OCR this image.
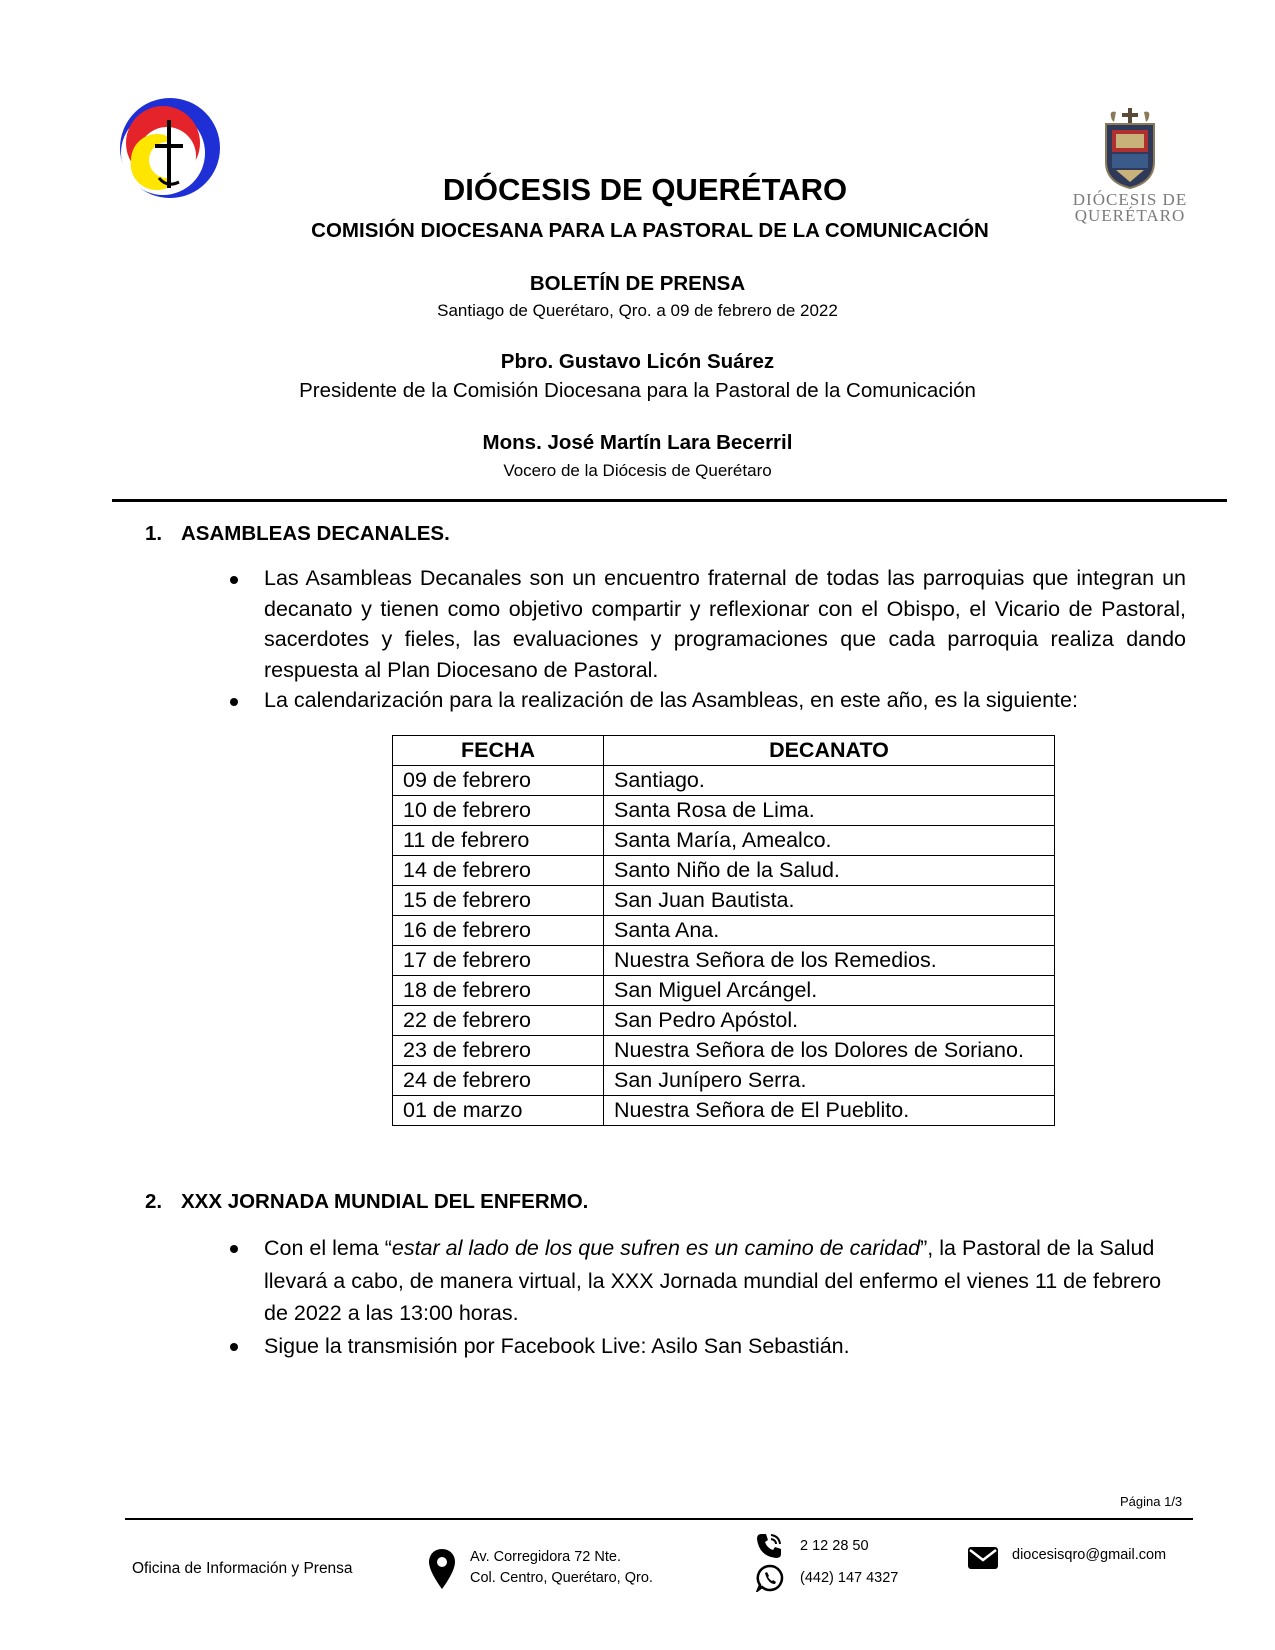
DIÓCESIS DE
QUERÉTARO
DIÓCESIS DE QUERÉTARO
COMISIÓN DIOCESANA PARA LA PASTORAL DE LA COMUNICACIÓN
BOLETÍN DE PRENSA
Santiago de Querétaro, Qro. a 09 de febrero de 2022
Pbro. Gustavo Licón Suárez
Presidente de la Comisión Diocesana para la Pastoral de la Comunicación
Mons. José Martín Lara Becerril
Vocero de la Diócesis de Querétaro
1. ASAMBLEAS DECANALES.
Las Asambleas Decanales son un encuentro fraternal de todas las parroquias que integran un decanato y tienen como objetivo compartir y reflexionar con el Obispo, el Vicario de Pastoral, sacerdotes y fieles, las evaluaciones y programaciones que cada parroquia realiza dando respuesta al Plan Diocesano de Pastoral.
La calendarización para la realización de las Asambleas, en este año, es la siguiente:
FECHA	DECANATO
09 de febrero	Santiago.
10 de febrero	Santa Rosa de Lima.
11 de febrero	Santa María, Amealco.
14 de febrero	Santo Niño de la Salud.
15 de febrero	San Juan Bautista.
16 de febrero	Santa Ana.
17 de febrero	Nuestra Señora de los Remedios.
18 de febrero	San Miguel Arcángel.
22 de febrero	San Pedro Apóstol.
23 de febrero	Nuestra Señora de los Dolores de Soriano.
24 de febrero	San Junípero Serra.
01 de marzo	Nuestra Señora de El Pueblito.
2. XXX JORNADA MUNDIAL DEL ENFERMO.
Con el lema “estar al lado de los que sufren es un camino de caridad”, la Pastoral de la Salud
llevará a cabo, de manera virtual, la XXX Jornada mundial del enfermo el vienes 11 de febrero
de 2022 a las 13:00 horas.
Sigue la transmisión por Facebook Live: Asilo San Sebastián.
Página 1/3
Oficina de Información y Prensa
Av. Corregidora 72 Nte.
Col. Centro, Querétaro, Qro.
2 12 28 50
(442) 147 4327
diocesisqro@gmail.com
